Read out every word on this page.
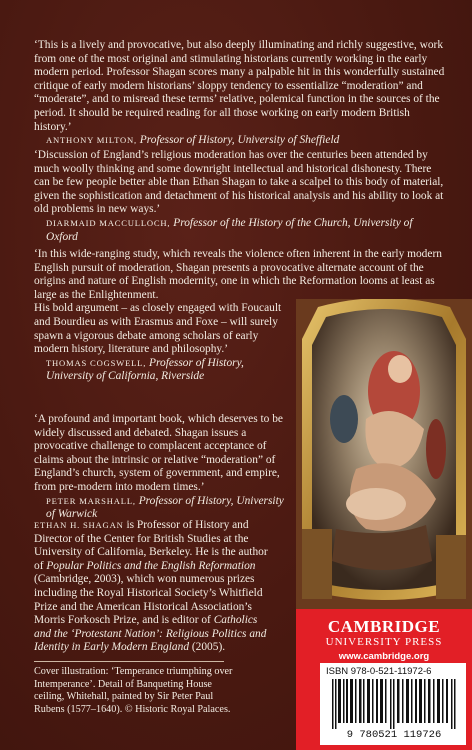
‘This is a lively and provocative, but also deeply illuminating and richly suggestive, work from one of the most original and stimulating historians currently working in the early modern period. Professor Shagan scores many a palpable hit in this wonderfully sustained critique of early modern historians’ sloppy tendency to essentialize “moderation” and “moderate”, and to misread these terms’ relative, polemical function in the sources of the period. It should be required reading for all those working on early modern British history.’
ANTHONY MILTON, Professor of History, University of Sheffield

‘Discussion of England’s religious moderation has over the centuries been attended by much woolly thinking and some downright intellectual and historical dishonesty. There can be few people better able than Ethan Shagan to take a scalpel to this body of material, given the sophistication and detachment of his historical analysis and his ability to look at old problems in new ways.’
DIARMAID MACCULLOCH, Professor of the History of the Church, University of Oxford

‘In this wide-ranging study, which reveals the violence often inherent in the early modern English pursuit of moderation, Shagan presents a provocative alternate account of the origins and nature of English modernity, one in which the Reformation looms at least as large as the Enlightenment.
His bold argument – as closely engaged with Foucault and Bourdieu as with Erasmus and Foxe – will surely spawn a vigorous debate among scholars of early modern history, literature and philosophy.’
THOMAS COGSWELL, Professor of History, University of California, Riverside

‘A profound and important book, which deserves to be widely discussed and debated. Shagan issues a provocative challenge to complacent acceptance of claims about the intrinsic or relative “moderation” of England’s church, system of government, and empire, from pre-modern into modern times.’
PETER MARSHALL, Professor of History, University of Warwick

ETHAN H. SHAGAN is Professor of History and Director of the Center for British Studies at the University of California, Berkeley. He is the author of Popular Politics and the English Reformation (Cambridge, 2003), which won numerous prizes including the Royal Historical Society’s Whitfield Prize and the American Historical Association’s Morris Forkosch Prize, and is editor of Catholics and the ‘Protestant Nation’: Religious Politics and Identity in Early Modern England (2005).

Cover illustration: ‘Temperance triumphing over Intemperance’. Detail of Banqueting House ceiling, Whitehall, painted by Sir Peter Paul Rubens (1577–1640). © Historic Royal Palaces.

CAMBRIDGE
UNIVERSITY PRESS
www.cambridge.org
ISBN 978-0-521-11972-6
9 780521 119726
